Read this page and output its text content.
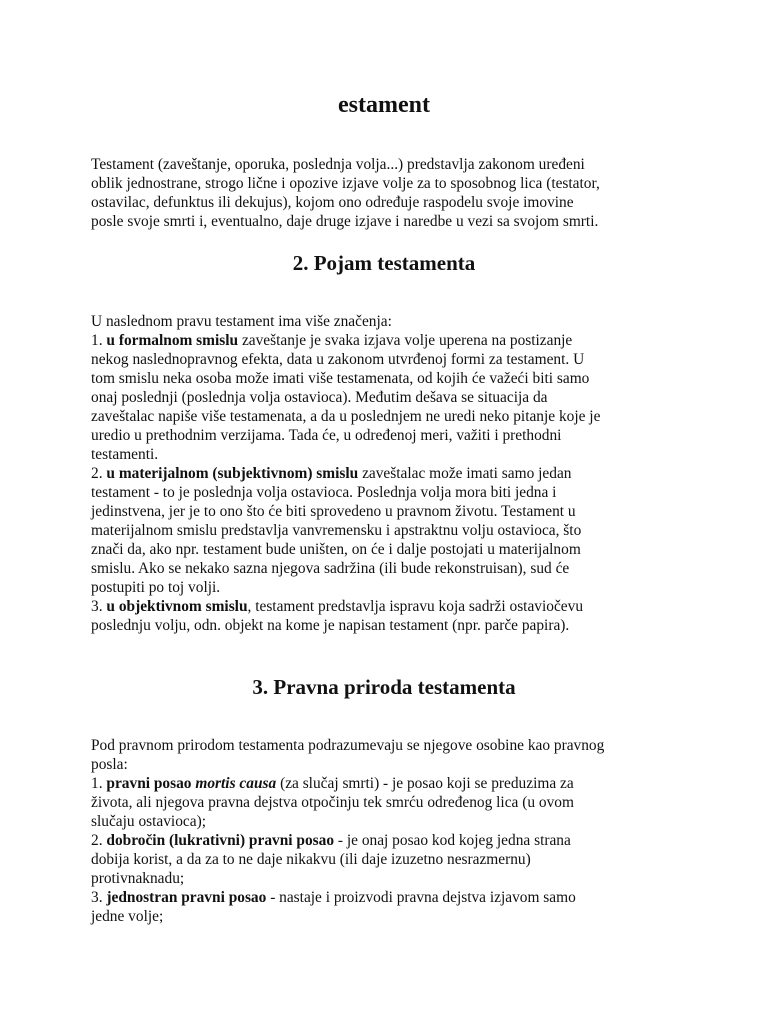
estament
Testament (zaveštanje, oporuka, poslednja volja...) predstavlja zakonom uređeni
oblik jednostrane, strogo lične i opozive izjave volje za to sposobnog lica (testator,
ostavilac, defunktus ili dekujus), kojom ono određuje raspodelu svoje imovine
posle svoje smrti i, eventualno, daje druge izjave i naredbe u vezi sa svojom smrti.
2. Pojam testamenta
U naslednom pravu testament ima više značenja:
1. u formalnom smislu zaveštanje je svaka izjava volje uperena na postizanje
nekog naslednopravnog efekta, data u zakonom utvrđenoj formi za testament. U
tom smislu neka osoba može imati više testamenata, od kojih će važeći biti samo
onaj poslednji (poslednja volja ostavioca). Međutim dešava se situacija da
zaveštalac napiše više testamenata, a da u poslednjem ne uredi neko pitanje koje je
uredio u prethodnim verzijama. Tada će, u određenoj meri, važiti i prethodni
testamenti.
2. u materijalnom (subjektivnom) smislu zaveštalac može imati samo jedan
testament - to je poslednja volja ostavioca. Poslednja volja mora biti jedna i
jedinstvena, jer je to ono što će biti sprovedeno u pravnom životu. Testament u
materijalnom smislu predstavlja vanvremensku i apstraktnu volju ostavioca, što
znači da, ako npr. testament bude uništen, on će i dalje postojati u materijalnom
smislu. Ako se nekako sazna njegova sadržina (ili bude rekonstruisan), sud će
postupiti po toj volji.
3. u objektivnom smislu, testament predstavlja ispravu koja sadrži ostaviočevu
poslednju volju, odn. objekt na kome je napisan testament (npr. parče papira).
3. Pravna priroda testamenta
Pod pravnom prirodom testamenta podrazumevaju se njegove osobine kao pravnog
posla:
1. pravni posao mortis causa (za slučaj smrti) - je posao koji se preduzima za
života, ali njegova pravna dejstva otpočinju tek smrću određenog lica (u ovom
slučaju ostavioca);
2. dobročin (lukrativni) pravni posao - je onaj posao kod kojeg jedna strana
dobija korist, a da za to ne daje nikakvu (ili daje izuzetno nesrazmernu)
protivnaknadu;
3. jednostran pravni posao - nastaje i proizvodi pravna dejstva izjavom samo
jedne volje;
